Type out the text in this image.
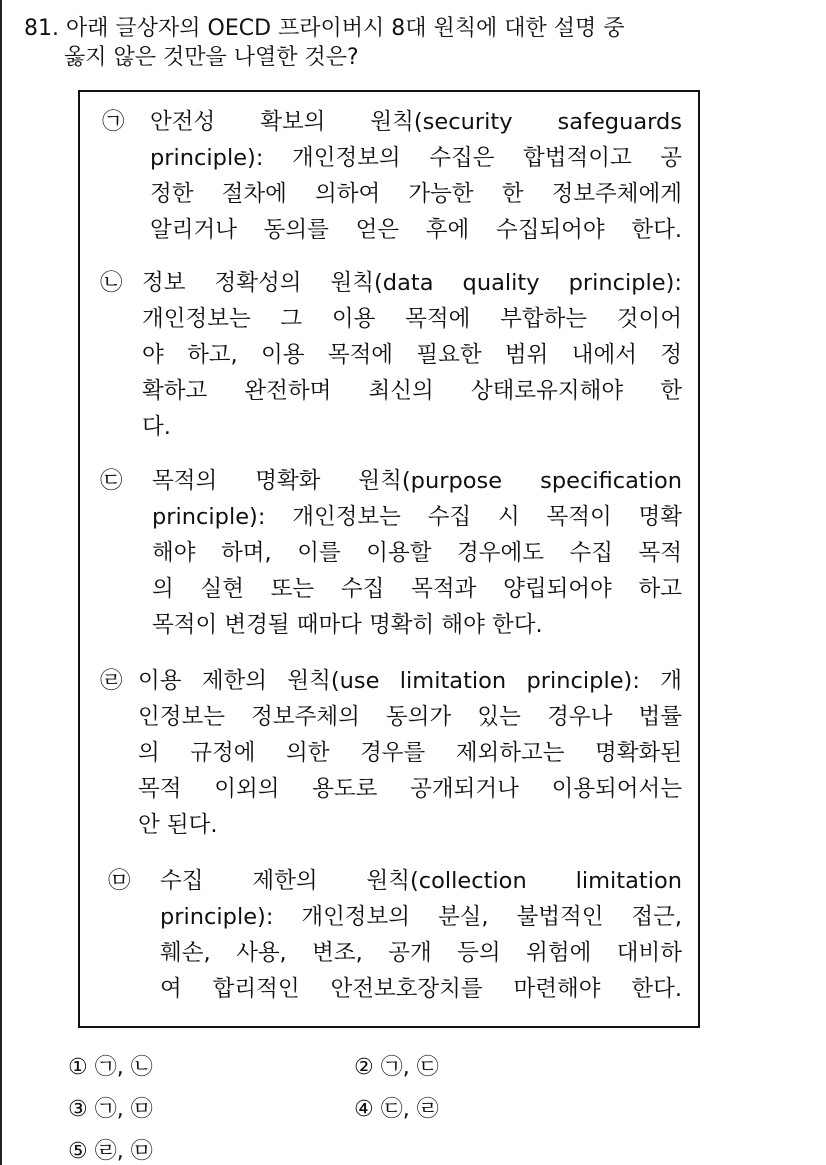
81. 아래 글상자의 OECD 프라이버시 8대 원칙에 대한 설명 중
옳지 않은 것만을 나열한 것은?
㉠ 안전성 확보의 원칙(security safeguards
principle): 개인정보의 수집은 합법적이고 공
정한 절차에 의하여 가능한 한 정보주체에게
알리거나 동의를 얻은 후에 수집되어야 한다.
㉡ 정보 정확성의 원칙(data quality principle):
개인정보는 그 이용 목적에 부합하는 것이어
야 하고, 이용 목적에 필요한 범위 내에서 정
확하고 완전하며 최신의 상태로유지해야 한
다.
㉢ 목적의 명확화 원칙(purpose specification
principle): 개인정보는 수집 시 목적이 명확
해야 하며, 이를 이용할 경우에도 수집 목적
의 실현 또는 수집 목적과 양립되어야 하고
목적이 변경될 때마다 명확히 해야 한다.
㉣ 이용 제한의 원칙(use limitation principle): 개
인정보는 정보주체의 동의가 있는 경우나 법률
의 규정에 의한 경우를 제외하고는 명확화된
목적 이외의 용도로 공개되거나 이용되어서는
안 된다.
㉤ 수집 제한의 원칙(collection limitation
principle): 개인정보의 분실, 불법적인 접근,
훼손, 사용, 변조, 공개 등의 위험에 대비하
여 합리적인 안전보호장치를 마련해야 한다.
① ㉠, ㉡	② ㉠, ㉢
③ ㉠, ㉤	④ ㉢, ㉣
⑤ ㉣, ㉤
